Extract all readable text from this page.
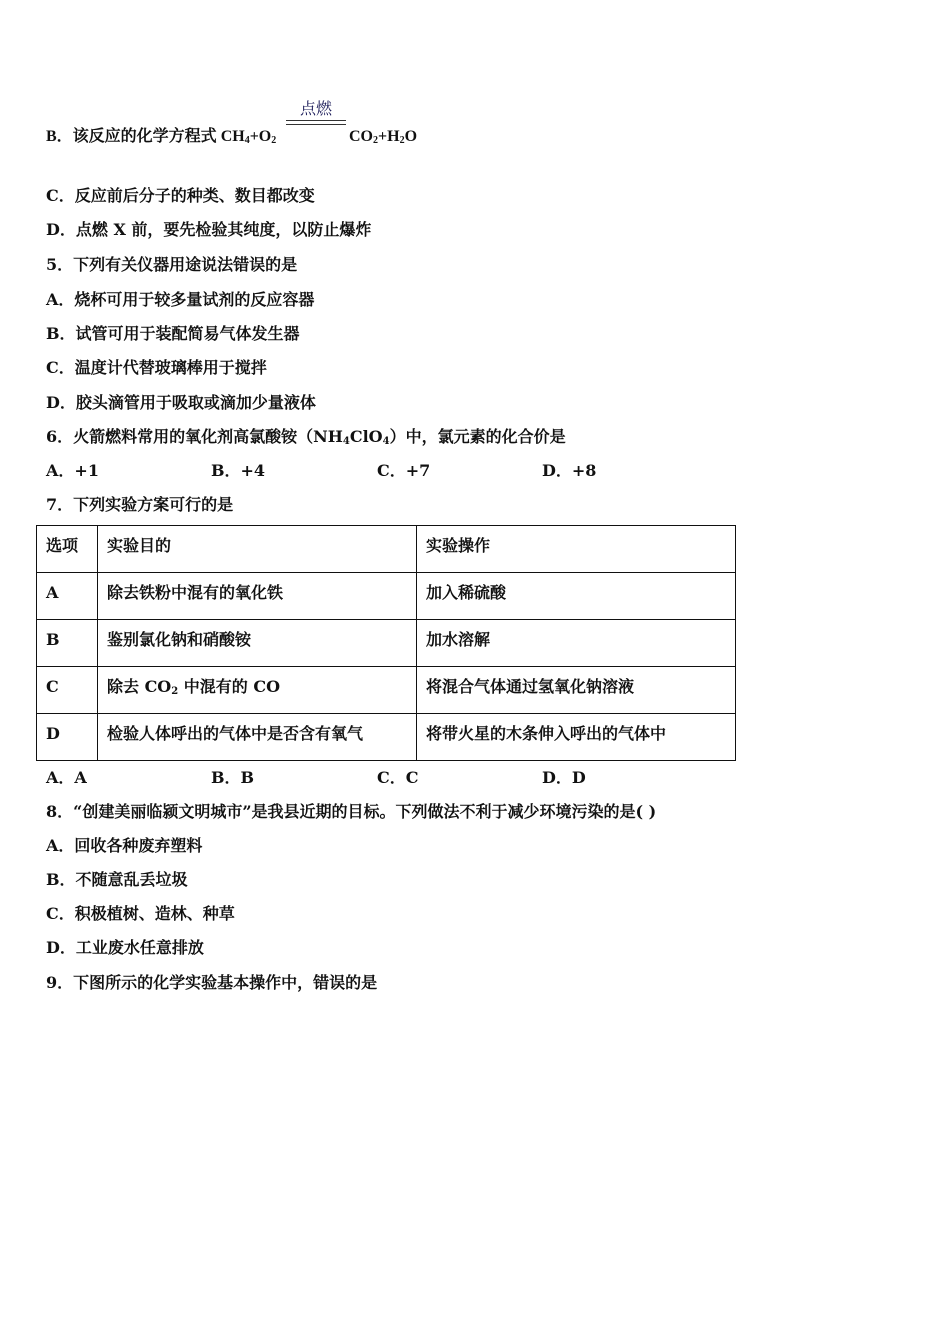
B．该反应的化学方程式 $CH_4+O_2$
点燃
$CO_2+H_2O$
C．反应前后分子的种类、数目都改变
D．点燃 X 前，要先检验其纯度，以防止爆炸
5．下列有关仪器用途说法错误的是
A．烧杯可用于较多量试剂的反应容器
B．试管可用于装配简易气体发生器
C．温度计代替玻璃棒用于搅拌
D．胶头滴管用于吸取或滴加少量液体
6．火箭燃料常用的氧化剂高氯酸铵$(NH_4ClO_4)$中，氯元素的化合价是
A．+1	B．+4	C．+7	D．+8
7．下列实验方案可行的是
选项	实验目的	实验操作
A	除去铁粉中混有的氧化铁	加入稀硫酸
B	鉴别氯化钠和硝酸铵	加水溶解
C	除去 $CO_2$ 中混有的 CO	将混合气体通过氢氧化钠溶液
D	检验人体呼出的气体中是否含有氧气	将带火星的木条伸入呼出的气体中
A．A	B．B	C．C	D．D
8．“创建美丽临颍文明城市”是我县近期的目标。下列做法不利于减少环境污染的是( )
A．回收各种废弃塑料
B．不随意乱丢垃圾
C．积极植树、造林、种草
D．工业废水任意排放
9．下图所示的化学实验基本操作中，错误的是
